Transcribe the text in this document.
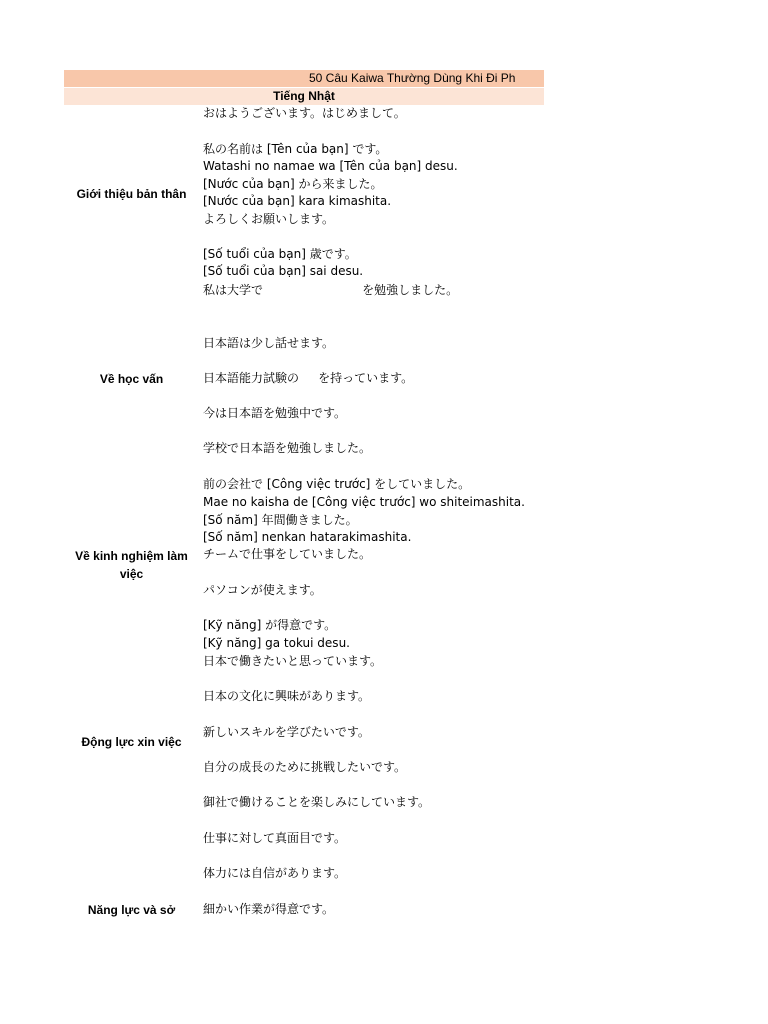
50 Câu Kaiwa Thường Dùng Khi Đi Ph
Tiếng Nhật
Giới thiệu bản thân
Về học vấn
Về kinh nghiệm làm việc
Động lực xin việc
Năng lực và sở
おはようございます。はじめまして。
私の名前は [Tên của bạn] です。
Watashi no namae wa [Tên của bạn] desu.
[Nước của bạn] から来ました。
[Nước của bạn] kara kimashita.
よろしくお願いします。
[Số tuổi của bạn] 歳です。
[Số tuổi của bạn] sai desu.
私は大学で                          を勉強しました。
日本語は少し話せます。
日本語能力試験の     を持っています。
今は日本語を勉強中です。
学校で日本語を勉強しました。
前の会社で [Công việc trước] をしていました。
Mae no kaisha de [Công việc trước] wo shiteimashita.
[Số năm] 年間働きました。
[Số năm] nenkan hatarakimashita.
チームで仕事をしていました。
パソコンが使えます。
[Kỹ năng] が得意です。
[Kỹ năng] ga tokui desu.
日本で働きたいと思っています。
日本の文化に興味があります。
新しいスキルを学びたいです。
自分の成長のために挑戦したいです。
御社で働けることを楽しみにしています。
仕事に対して真面目です。
体力には自信があります。
細かい作業が得意です。
